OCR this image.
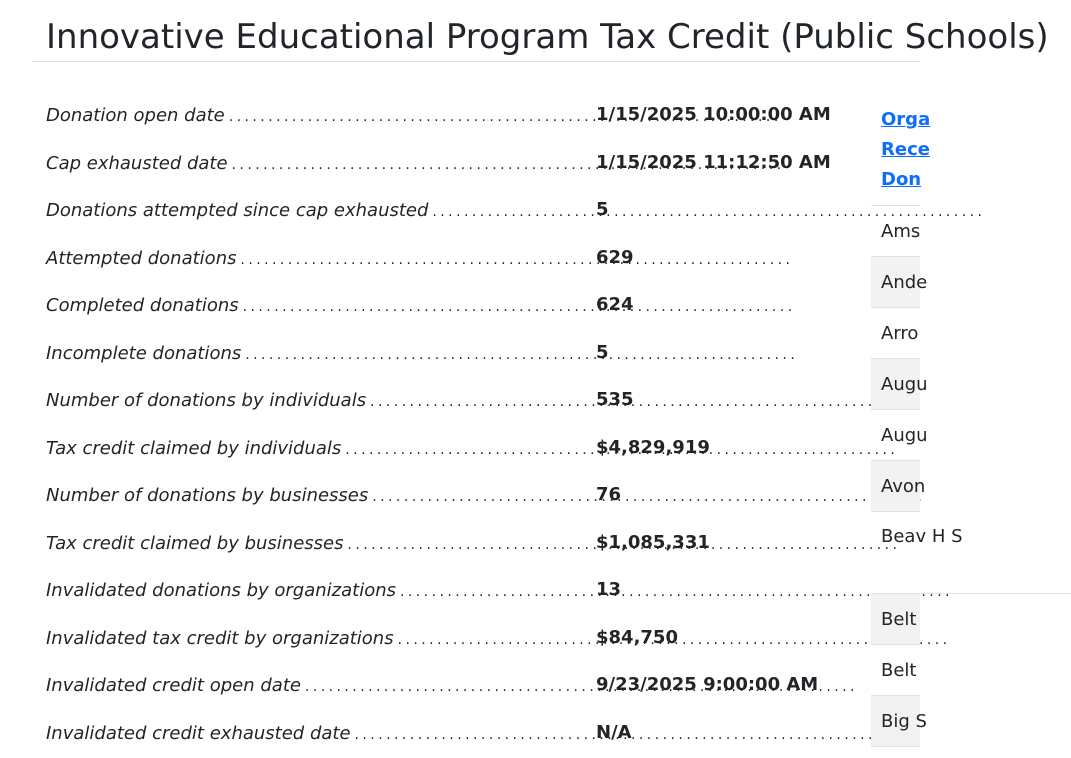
Innovative Educational Program Tax Credit (Public Schools)
Donation open date . . .	1/15/2025 10:00:00 AM
Cap exhausted date . . .	1/15/2025 11:12:50 AM
Donations attempted since cap exhausted . . .	5
Attempted donations . . .	629
Completed donations . . .	624
Incomplete donations . . .	5
Number of donations by individuals . . .	535
Tax credit claimed by individuals . . .	$4,829,919
Number of donations by businesses . . .	76
Tax credit claimed by businesses . . .	$1,085,331
Invalidated donations by organizations . . .	13
Invalidated tax credit by organizations . . .	$84,750
Invalidated credit open date . . .	9/23/2025 9:00:00 AM
Invalidated credit exhausted date . . .	N/A
Orga
Rece
Don
Ams
Ande
Arro
Augu
Augu
Avon
Beav H S
Belt
Belt
Big S
